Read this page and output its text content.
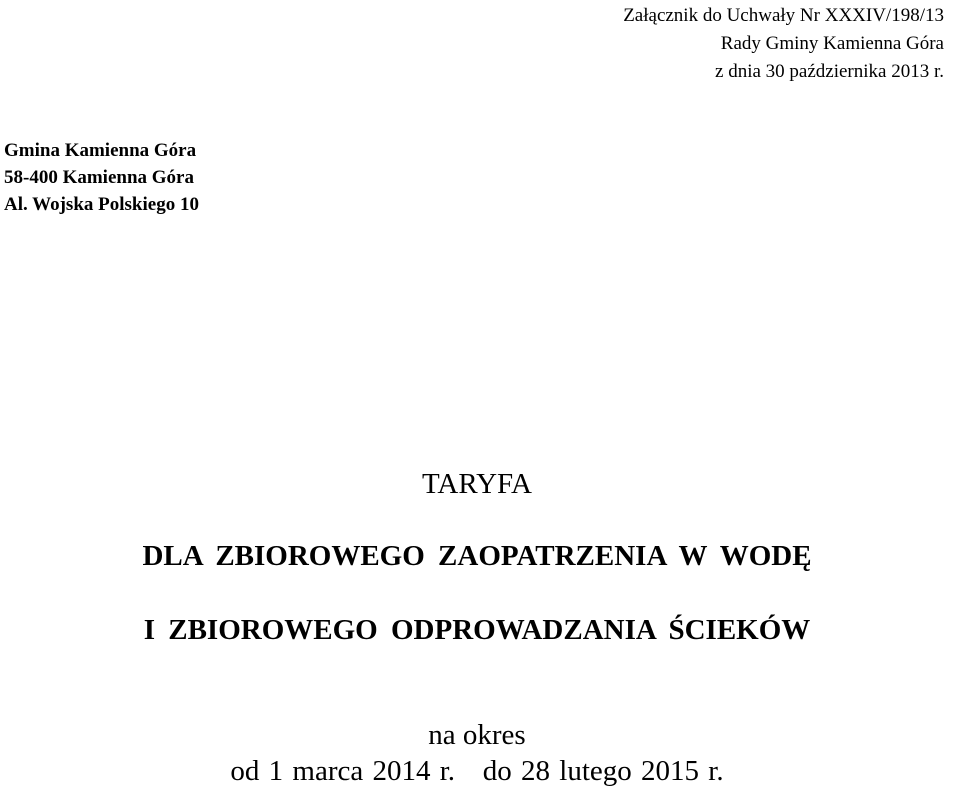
Załącznik do Uchwały Nr XXXIV/198/13
Rady Gminy Kamienna Góra
z dnia 30 października 2013 r.
Gmina Kamienna Góra
58-400 Kamienna Góra
Al. Wojska Polskiego 10
TARYFA
DLA ZBIOROWEGO ZAOPATRZENIA W WODĘ
I ZBIOROWEGO ODPROWADZANIA ŚCIEKÓW
na okres
od 1 marca 2014 r.   do 28 lutego 2015 r.
